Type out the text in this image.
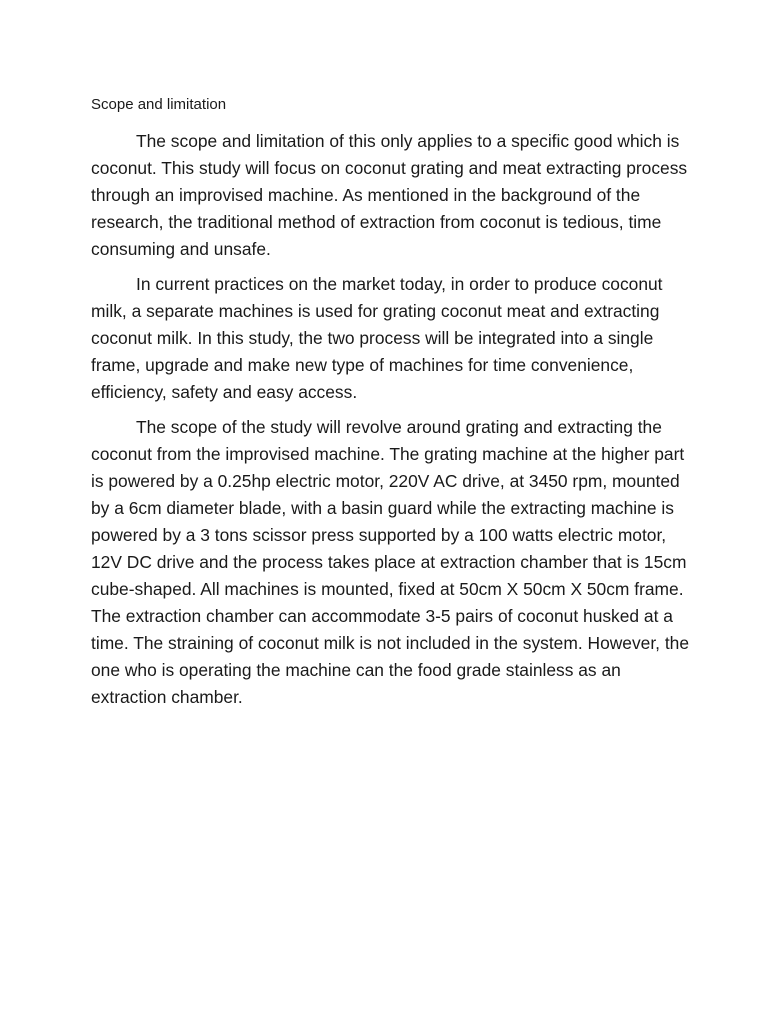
Scope and limitation

The scope and limitation of this only applies to a specific good which is coconut. This study will focus on coconut grating and meat extracting process through an improvised machine. As mentioned in the background of the research, the traditional method of extraction from coconut is tedious, time consuming and unsafe.

In current practices on the market today, in order to produce coconut milk, a separate machines is used for grating coconut meat and extracting coconut milk. In this study, the two process will be integrated into a single frame, upgrade and make new type of machines for time convenience, efficiency, safety and easy access.

The scope of the study will revolve around grating and extracting the coconut from the improvised machine. The grating machine at the higher part is powered by a 0.25hp electric motor, 220V AC drive, at 3450 rpm, mounted by a 6cm diameter blade, with a basin guard while the extracting machine is powered by a 3 tons scissor press supported by a 100 watts electric motor, 12V DC drive and the process takes place at extraction chamber that is 15cm cube-shaped. All machines is mounted, fixed at 50cm X 50cm X 50cm frame. The extraction chamber can accommodate 3-5 pairs of coconut husked at a time. The straining of coconut milk is not included in the system. However, the one who is operating the machine can the food grade stainless as an extraction chamber.
